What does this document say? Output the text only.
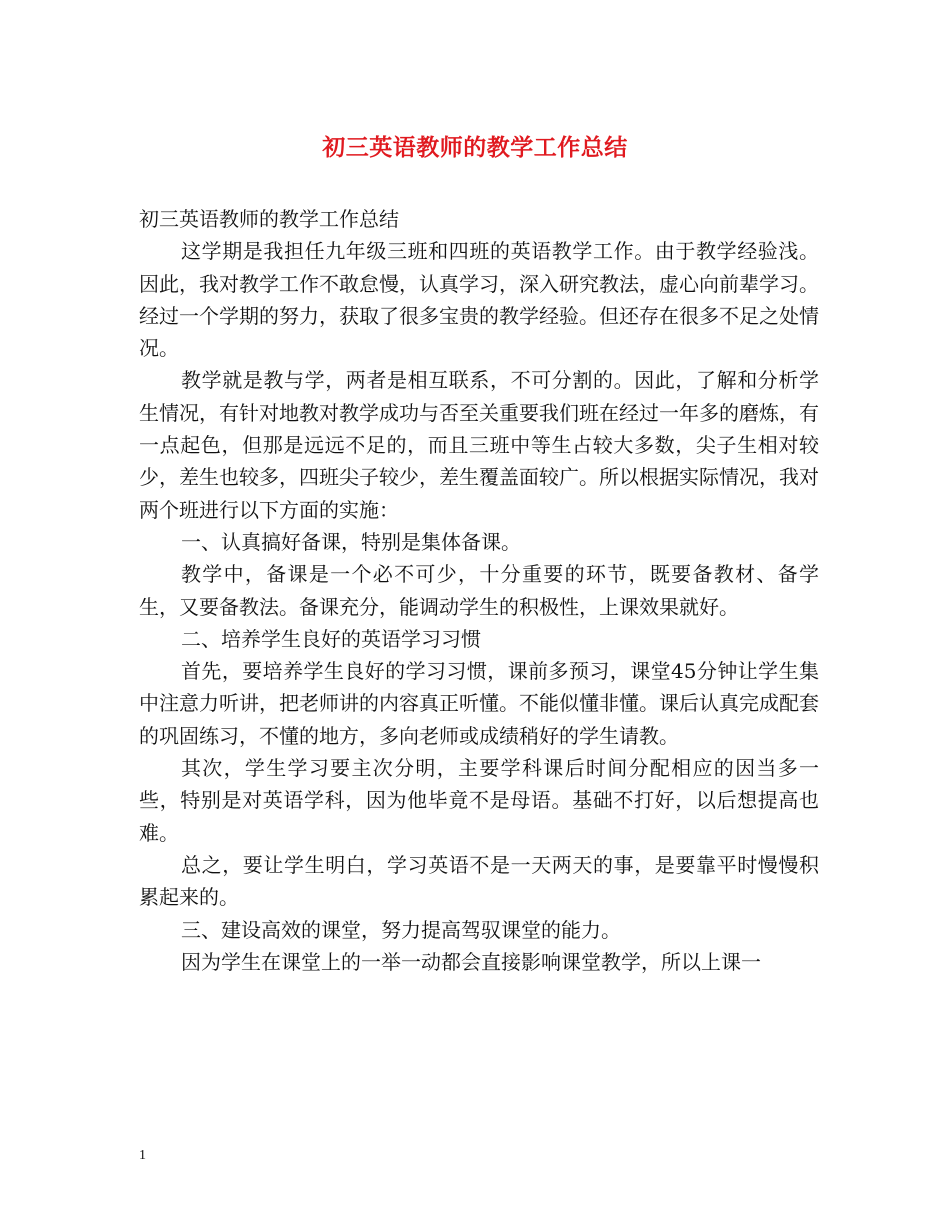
初三英语教师的教学工作总结

初三英语教师的教学工作总结

这学期是我担任九年级三班和四班的英语教学工作。由于教学经验浅。因此，我对教学工作不敢怠慢，认真学习，深入研究教法，虚心向前辈学习。经过一个学期的努力，获取了很多宝贵的教学经验。但还存在很多不足之处情况。

教学就是教与学，两者是相互联系，不可分割的。因此，了解和分析学生情况，有针对地教对教学成功与否至关重要我们班在经过一年多的磨炼，有一点起色，但那是远远不足的，而且三班中等生占较大多数，尖子生相对较少，差生也较多，四班尖子较少，差生覆盖面较广。所以根据实际情况，我对两个班进行以下方面的实施：

一、认真搞好备课，特别是集体备课。

教学中，备课是一个必不可少，十分重要的环节，既要备教材、备学生，又要备教法。备课充分，能调动学生的积极性，上课效果就好。

二、培养学生良好的英语学习习惯

首先，要培养学生良好的学习习惯，课前多预习，课堂45分钟让学生集中注意力听讲，把老师讲的内容真正听懂。不能似懂非懂。课后认真完成配套的巩固练习，不懂的地方，多向老师或成绩稍好的学生请教。

其次，学生学习要主次分明，主要学科课后时间分配相应的因当多一些，特别是对英语学科，因为他毕竟不是母语。基础不打好，以后想提高也难。

总之，要让学生明白，学习英语不是一天两天的事，是要靠平时慢慢积累起来的。

三、建设高效的课堂，努力提高驾驭课堂的能力。

因为学生在课堂上的一举一动都会直接影响课堂教学，所以上课一

1
